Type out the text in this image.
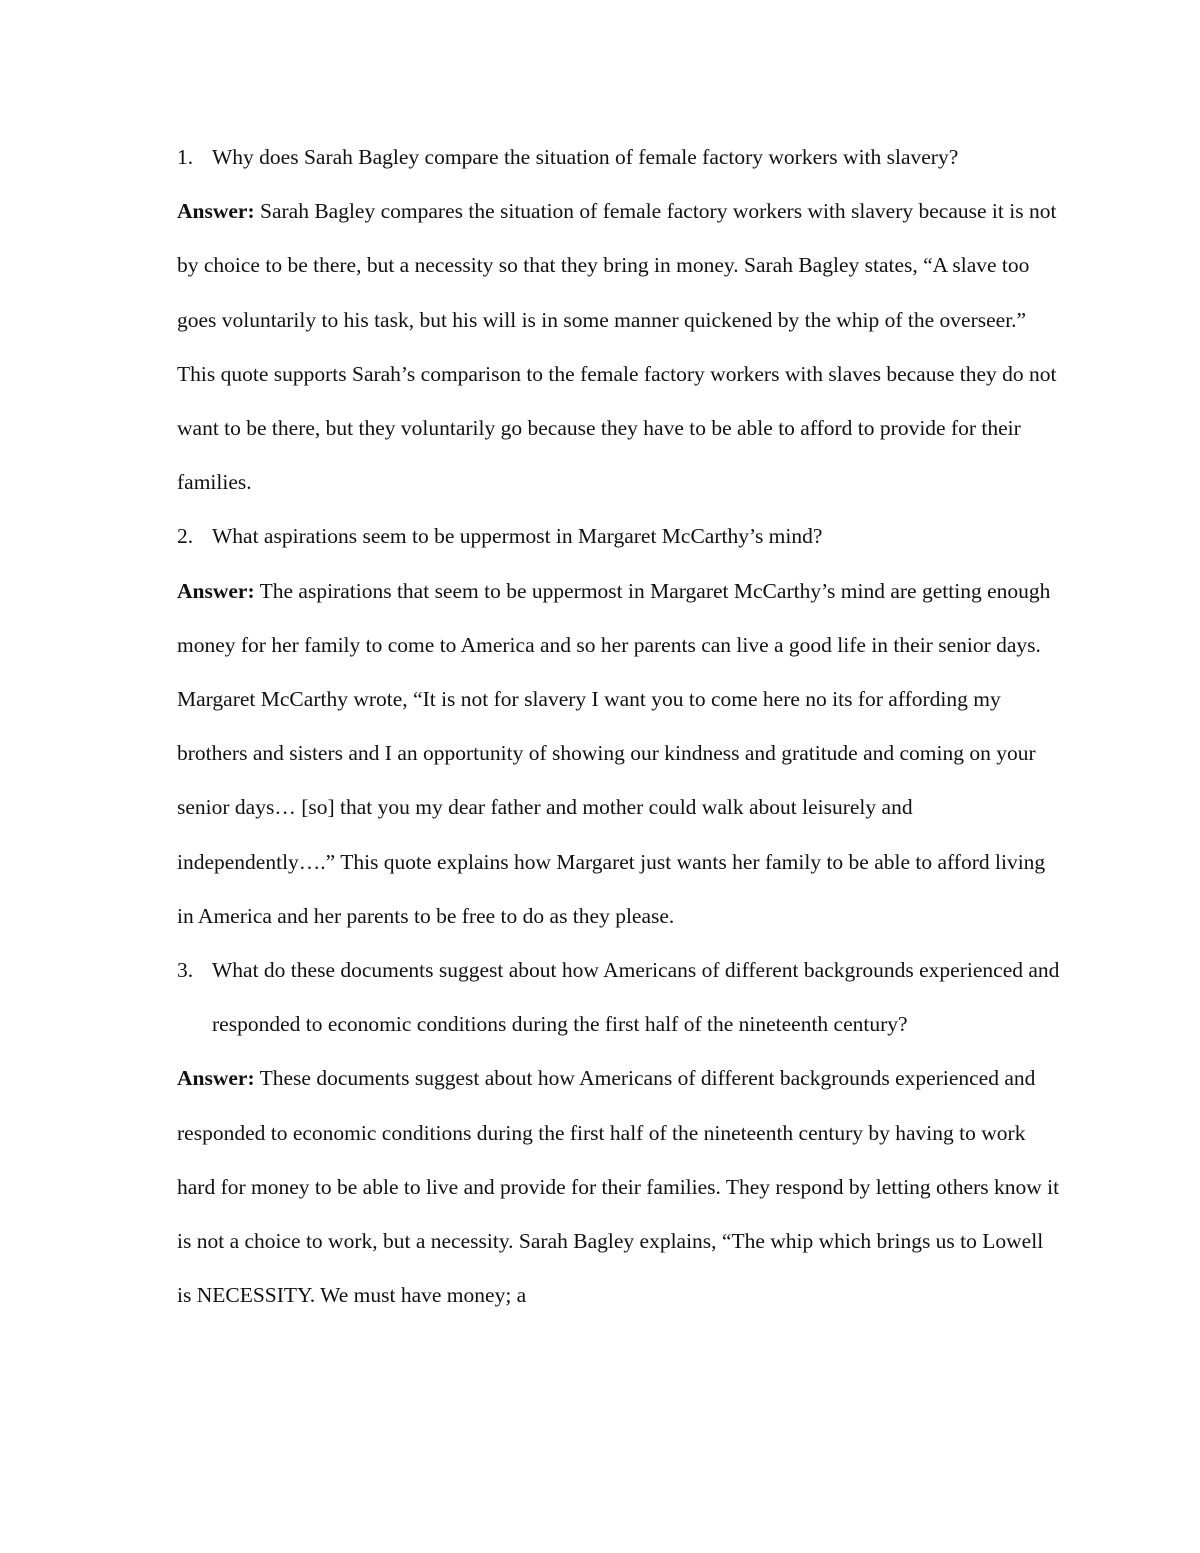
1. Why does Sarah Bagley compare the situation of female factory workers with slavery?

Answer: Sarah Bagley compares the situation of female factory workers with slavery because it is not by choice to be there, but a necessity so that they bring in money. Sarah Bagley states, “A slave too goes voluntarily to his task, but his will is in some manner quickened by the whip of the overseer.” This quote supports Sarah’s comparison to the female factory workers with slaves because they do not want to be there, but they voluntarily go because they have to be able to afford to provide for their families.

2. What aspirations seem to be uppermost in Margaret McCarthy’s mind?

Answer: The aspirations that seem to be uppermost in Margaret McCarthy’s mind are getting enough money for her family to come to America and so her parents can live a good life in their senior days. Margaret McCarthy wrote, “It is not for slavery I want you to come here no its for affording my brothers and sisters and I an opportunity of showing our kindness and gratitude and coming on your senior days… [so] that you my dear father and mother could walk about leisurely and independently….” This quote explains how Margaret just wants her family to be able to afford living in America and her parents to be free to do as they please.

3. What do these documents suggest about how Americans of different backgrounds experienced and responded to economic conditions during the first half of the nineteenth century?

Answer: These documents suggest about how Americans of different backgrounds experienced and responded to economic conditions during the first half of the nineteenth century by having to work hard for money to be able to live and provide for their families. They respond by letting others know it is not a choice to work, but a necessity. Sarah Bagley explains, “The whip which brings us to Lowell is NECESSITY. We must have money; a
